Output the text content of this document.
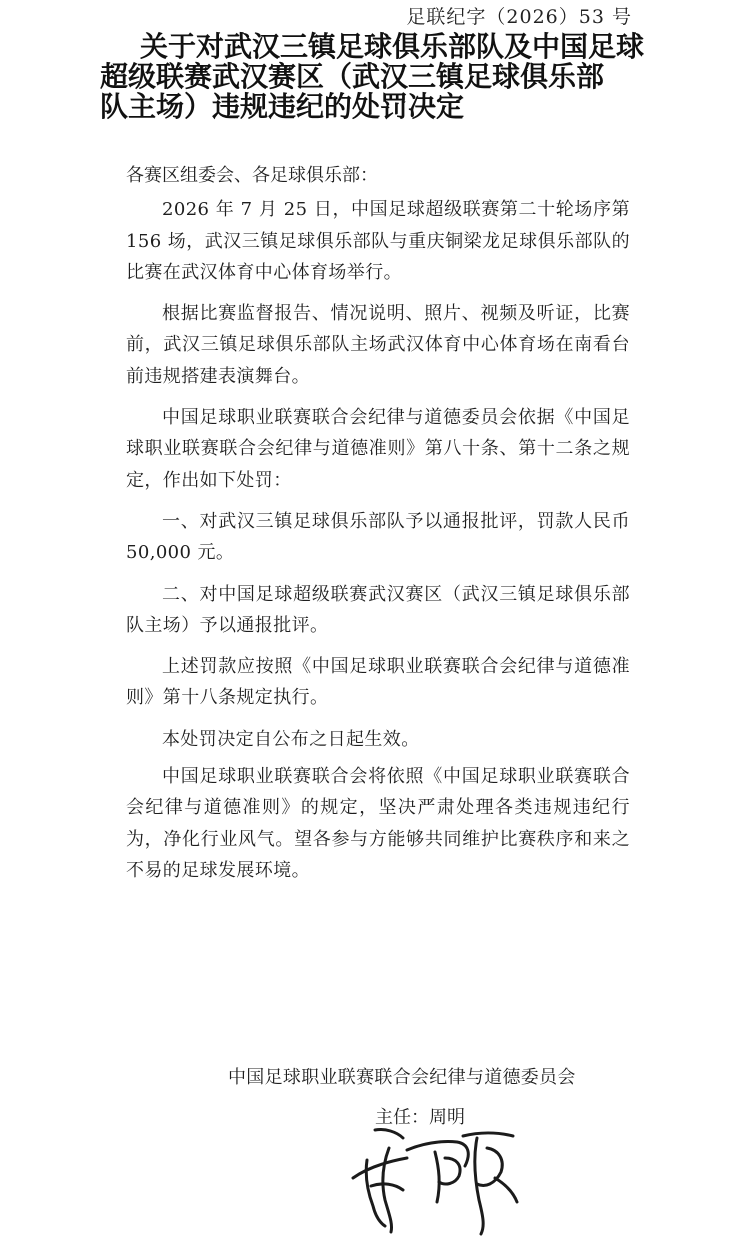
足联纪字（2026）53 号
关于对武汉三镇足球俱乐部队及中国足球
超级联赛武汉赛区（武汉三镇足球俱乐部
队主场）违规违纪的处罚决定
各赛区组委会、各足球俱乐部：

2026 年 7 月 25 日，中国足球超级联赛第二十轮场序第 156 场，武汉三镇足球俱乐部队与重庆铜梁龙足球俱乐部队的比赛在武汉体育中心体育场举行。

根据比赛监督报告、情况说明、照片、视频及听证，比赛前，武汉三镇足球俱乐部队主场武汉体育中心体育场在南看台前违规搭建表演舞台。

中国足球职业联赛联合会纪律与道德委员会依据《中国足球职业联赛联合会纪律与道德准则》第八十条、第十二条之规定，作出如下处罚：

一、对武汉三镇足球俱乐部队予以通报批评，罚款人民币 50,000 元。

二、对中国足球超级联赛武汉赛区（武汉三镇足球俱乐部队主场）予以通报批评。

上述罚款应按照《中国足球职业联赛联合会纪律与道德准则》第十八条规定执行。

本处罚决定自公布之日起生效。

中国足球职业联赛联合会将依照《中国足球职业联赛联合会纪律与道德准则》的规定，坚决严肃处理各类违规违纪行为，净化行业风气。望各参与方能够共同维护比赛秩序和来之不易的足球发展环境。

中国足球职业联赛联合会纪律与道德委员会
主任：周明
